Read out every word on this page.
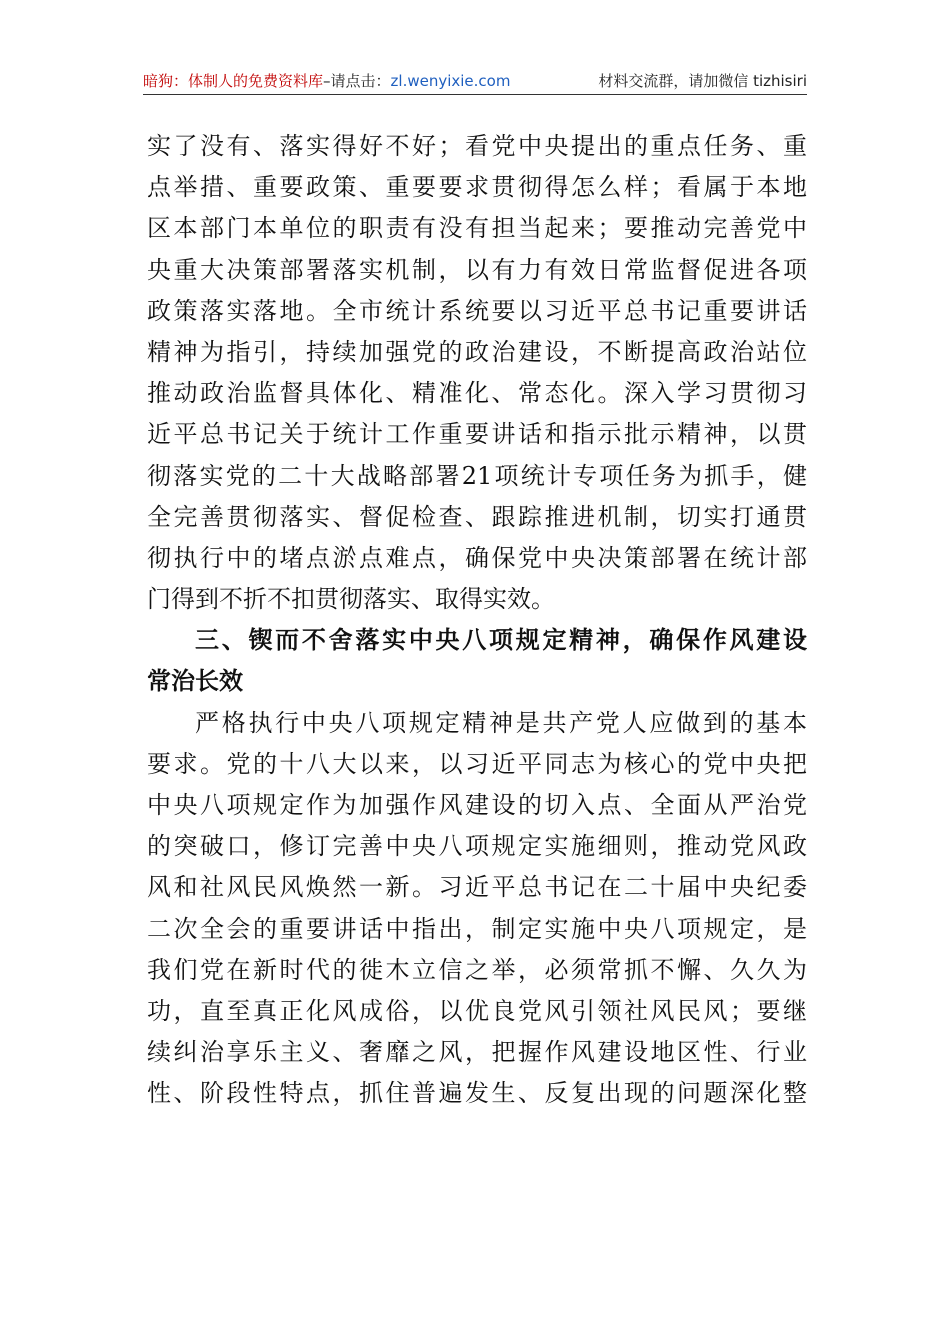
暗狗：体制人的免费资料库–请点击：zl.wenyixie.com	材料交流群，请加微信 tizhisiri
实了没有、落实得好不好；看党中央提出的重点任务、重
点举措、重要政策、重要要求贯彻得怎么样；看属于本地
区本部门本单位的职责有没有担当起来；要推动完善党中
央重大决策部署落实机制，以有力有效日常监督促进各项
政策落实落地。全市统计系统要以习近平总书记重要讲话
精神为指引，持续加强党的政治建设，不断提高政治站位
推动政治监督具体化、精准化、常态化。深入学习贯彻习
近平总书记关于统计工作重要讲话和指示批示精神，以贯
彻落实党的二十大战略部署21项统计专项任务为抓手，健
全完善贯彻落实、督促检查、跟踪推进机制，切实打通贯
彻执行中的堵点淤点难点，确保党中央决策部署在统计部
门得到不折不扣贯彻落实、取得实效。
三、锲而不舍落实中央八项规定精神，确保作风建设
常治长效
严格执行中央八项规定精神是共产党人应做到的基本
要求。党的十八大以来，以习近平同志为核心的党中央把
中央八项规定作为加强作风建设的切入点、全面从严治党
的突破口，修订完善中央八项规定实施细则，推动党风政
风和社风民风焕然一新。习近平总书记在二十届中央纪委
二次全会的重要讲话中指出，制定实施中央八项规定，是
我们党在新时代的徙木立信之举，必须常抓不懈、久久为
功，直至真正化风成俗，以优良党风引领社风民风；要继
续纠治享乐主义、奢靡之风，把握作风建设地区性、行业
性、阶段性特点，抓住普遍发生、反复出现的问题深化整
